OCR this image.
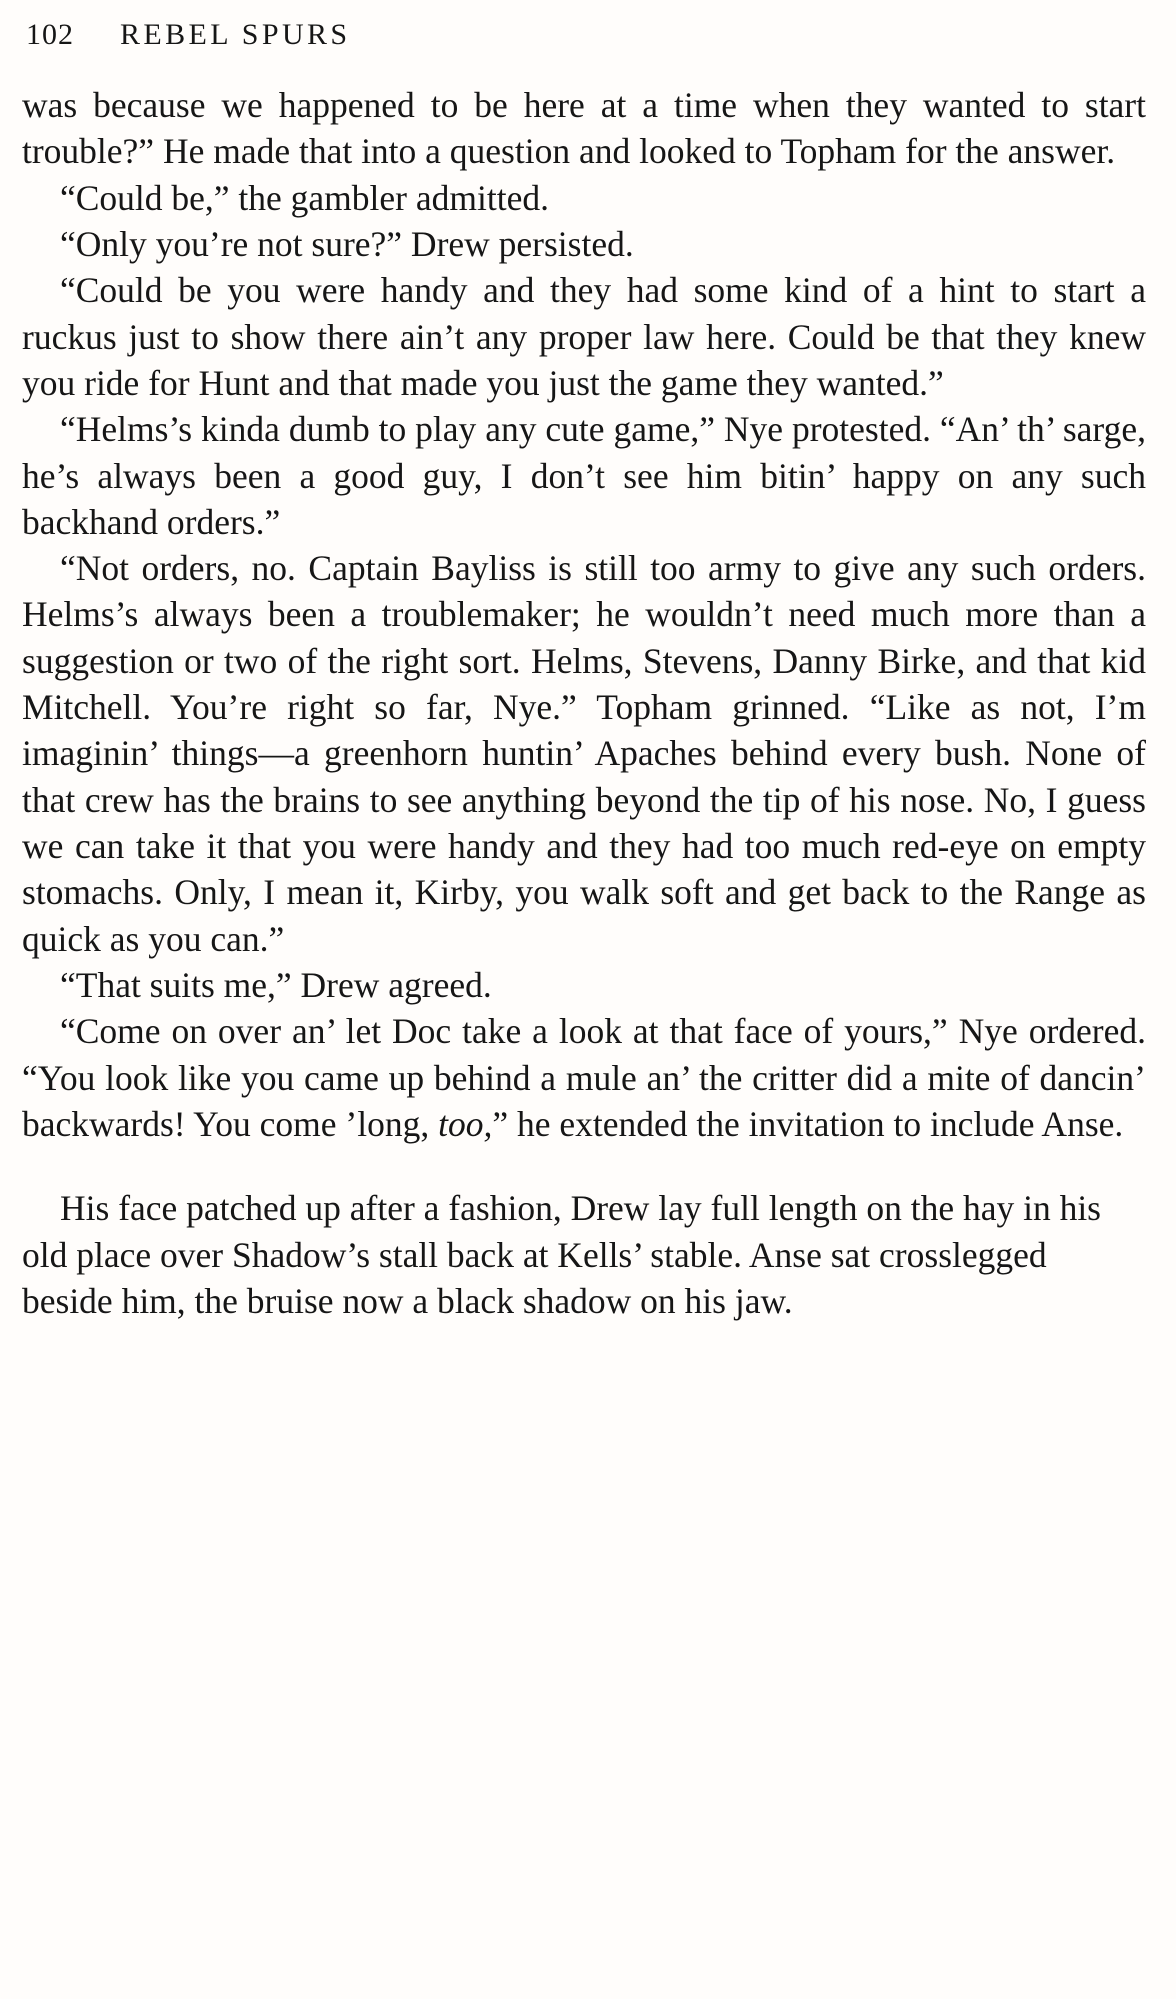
102 REBEL SPURS

was because we happened to be here at a time when they wanted to start trouble?” He made that into a question and looked to Topham for the answer.

“Could be,” the gambler admitted.

“Only you’re not sure?” Drew persisted.

“Could be you were handy and they had some kind of a hint to start a ruckus just to show there ain’t any proper law here. Could be that they knew you ride for Hunt and that made you just the game they wanted.”

“Helms’s kinda dumb to play any cute game,” Nye protested. “An’ th’ sarge, he’s always been a good guy, I don’t see him bitin’ happy on any such backhand orders.”

“Not orders, no. Captain Bayliss is still too army to give any such orders. Helms’s always been a troublemaker; he wouldn’t need much more than a suggestion or two of the right sort. Helms, Stevens, Danny Birke, and that kid Mitchell. You’re right so far, Nye.” Topham grinned. “Like as not, I’m imaginin’ things—a greenhorn huntin’ Apaches behind every bush. None of that crew has the brains to see anything beyond the tip of his nose. No, I guess we can take it that you were handy and they had too much red-eye on empty stomachs. Only, I mean it, Kirby, you walk soft and get back to the Range as quick as you can.”

“That suits me,” Drew agreed.

“Come on over an’ let Doc take a look at that face of yours,” Nye ordered. “You look like you came up behind a mule an’ the critter did a mite of dancin’ backwards! You come ’long, too,” he extended the invitation to include Anse.

His face patched up after a fashion, Drew lay full length on the hay in his old place over Shadow’s stall back at Kells’ stable. Anse sat crosslegged beside him, the bruise now a black shadow on his jaw.
